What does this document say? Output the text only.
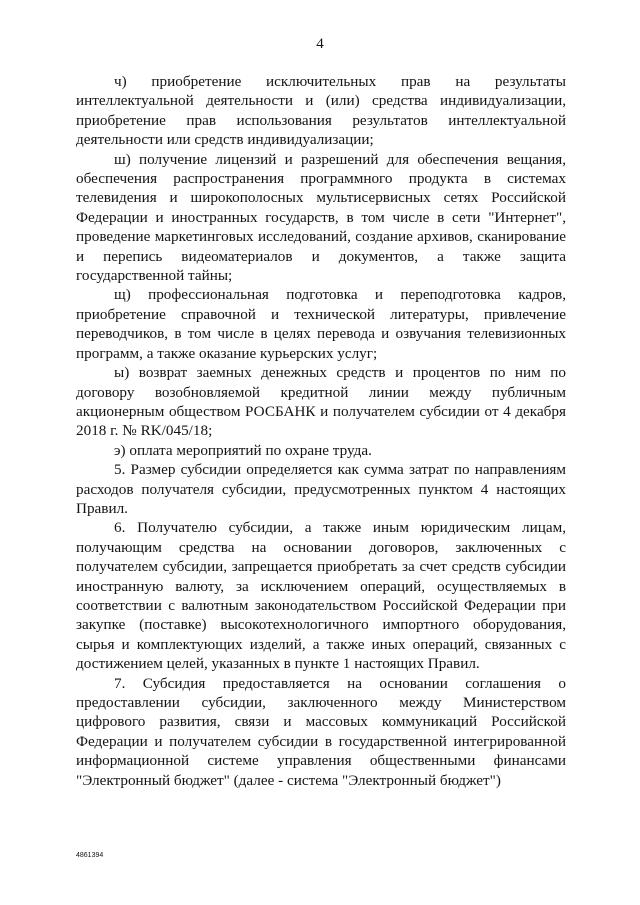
4

ч) приобретение исключительных прав на результаты интеллектуальной деятельности и (или) средства индивидуализации, приобретение прав использования результатов интеллектуальной деятельности или средств индивидуализации;

ш) получение лицензий и разрешений для обеспечения вещания, обеспечения распространения программного продукта в системах телевидения и широкополосных мультисервисных сетях Российской Федерации и иностранных государств, в том числе в сети "Интернет", проведение маркетинговых исследований, создание архивов, сканирование и перепись видеоматериалов и документов, а также защита государственной тайны;

щ) профессиональная подготовка и переподготовка кадров, приобретение справочной и технической литературы, привлечение переводчиков, в том числе в целях перевода и озвучания телевизионных программ, а также оказание курьерских услуг;

ы) возврат заемных денежных средств и процентов по ним по договору возобновляемой кредитной линии между публичным акционерным обществом РОСБАНК и получателем субсидии от 4 декабря 2018 г. № RK/045/18;

э) оплата мероприятий по охране труда.

5. Размер субсидии определяется как сумма затрат по направлениям расходов получателя субсидии, предусмотренных пунктом 4 настоящих Правил.

6. Получателю субсидии, а также иным юридическим лицам, получающим средства на основании договоров, заключенных с получателем субсидии, запрещается приобретать за счет средств субсидии иностранную валюту, за исключением операций, осуществляемых в соответствии с валютным законодательством Российской Федерации при закупке (поставке) высокотехнологичного импортного оборудования, сырья и комплектующих изделий, а также иных операций, связанных с достижением целей, указанных в пункте 1 настоящих Правил.

7. Субсидия предоставляется на основании соглашения о предоставлении субсидии, заключенного между Министерством цифрового развития, связи и массовых коммуникаций Российской Федерации и получателем субсидии в государственной интегрированной информационной системе управления общественными финансами "Электронный бюджет" (далее - система "Электронный бюджет")

4861394
